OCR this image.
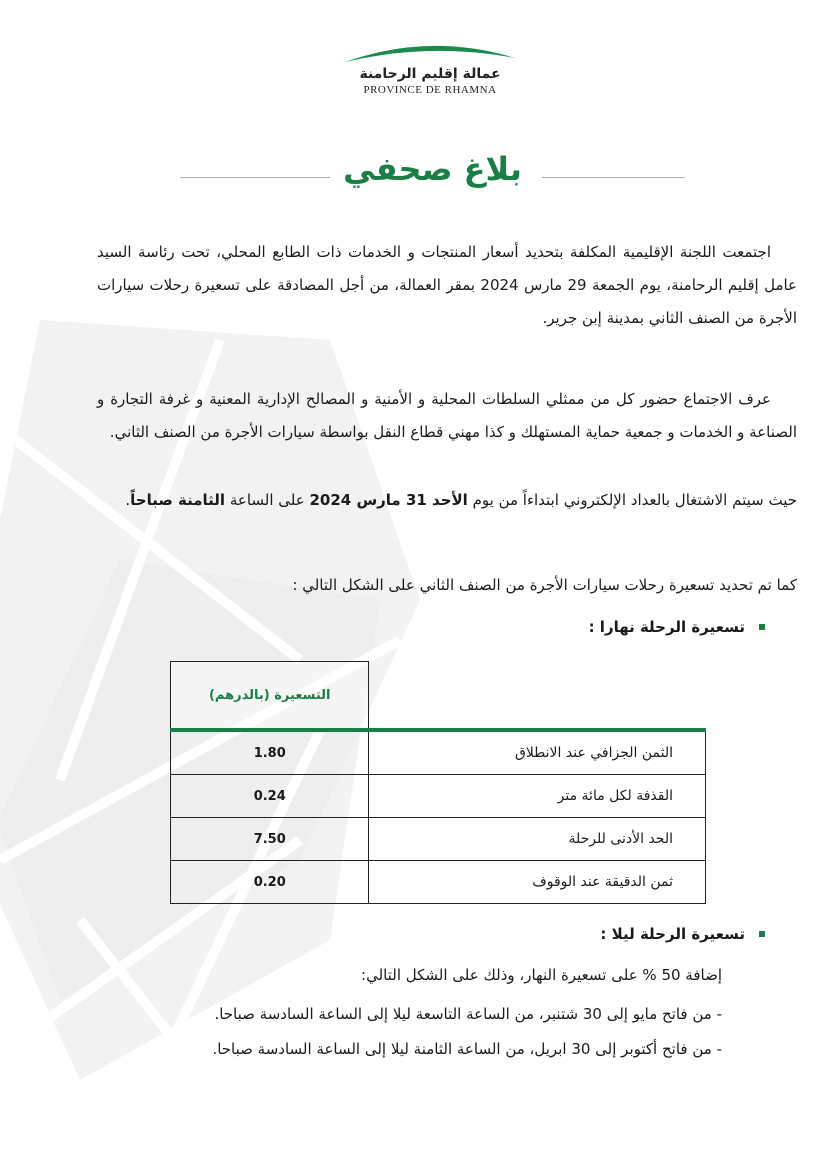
عمالة إقليم الرحامنة
PROVINCE DE RHAMNA
بلاغ صحفي
اجتمعت اللجنة الإقليمية المكلفة بتحديد أسعار المنتجات و الخدمات ذات الطابع المحلي، تحت رئاسة السيد عامل إقليم الرحامنة، يوم الجمعة 29 مارس 2024 بمقر العمالة، من أجل المصادقة على تسعيرة رحلات سيارات الأجرة من الصنف الثاني بمدينة إبن جرير.
عرف الاجتماع حضور كل من ممثلي السلطات المحلية و الأمنية و المصالح الإدارية المعنية و غرفة التجارة و الصناعة و الخدمات و جمعية حماية المستهلك و كذا مهني قطاع النقل بواسطة سيارات الأجرة من الصنف الثاني.
حيث سيتم الاشتغال بالعداد الإلكتروني ابتداءاً من يوم الأحد 31 مارس 2024 على الساعة الثامنة صباحاً.
كما تم تحديد تسعيرة رحلات سيارات الأجرة من الصنف الثاني على الشكل التالي :
تسعيرة الرحلة نهارا :
	التسعيرة (بالدرهم)
الثمن الجزافي عند الانطلاق	1.80
القذفة لكل مائة متر	0.24
الحد الأدنى للرحلة	7.50
ثمن الدقيقة عند الوقوف	0.20
تسعيرة الرحلة ليلا :
إضافة 50 % على تسعيرة النهار، وذلك على الشكل التالي:
- من فاتح مايو إلى 30 شتنبر، من الساعة التاسعة ليلا إلى الساعة السادسة صباحا.
- من فاتح أكتوبر إلى 30 ابريل، من الساعة الثامنة ليلا إلى الساعة السادسة صباحا.
